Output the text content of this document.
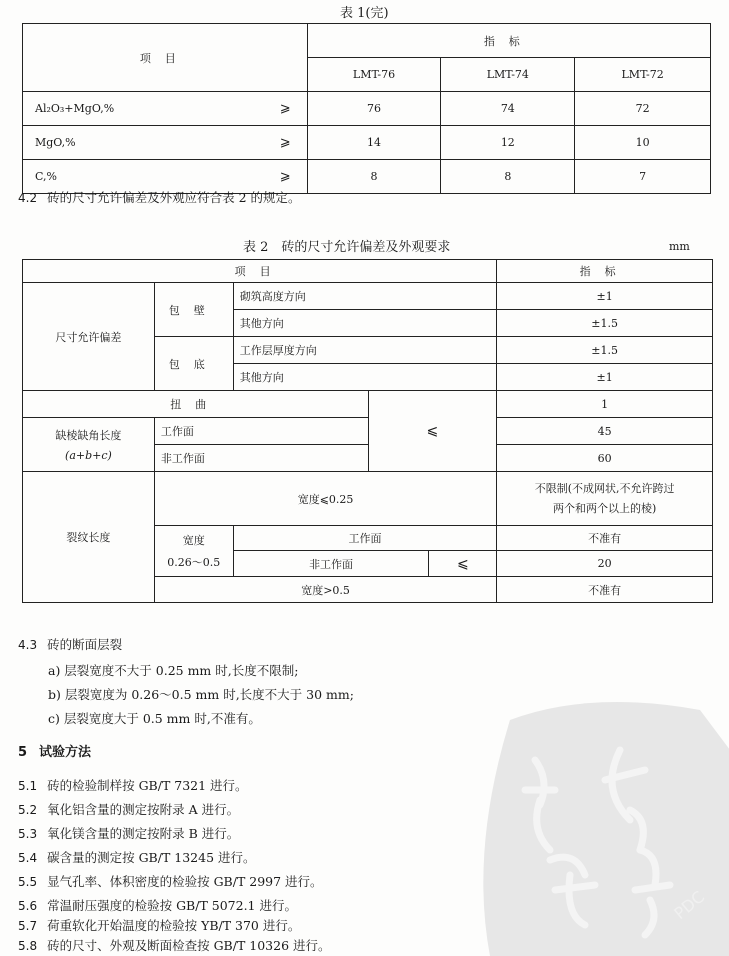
表 1(完)
项目		指标		
		LMT-76	LMT-74	LMT-72
Al₂O₃+MgO,%	⩾	76	74	72
MgO,%	⩾	14	12	10
C,%	⩾	8	8	7
4.2 砖的尺寸允许偏差及外观应符合表 2 的规定。
表 2　砖的尺寸允许偏差及外观要求	mm
项目					指标
尺寸允许偏差	包壁	砌筑高度方向			±1
		其他方向			±1.5
	包底	工作层厚度方向			±1.5
		其他方向			±1
扭曲			⩽		1

缺棱缺角长度
(a+b+c)	工作面				45
	非工作面				60
裂纹长度	宽度⩽0.25				不限制(不成网状,不允许跨过
两个和两个以上的棱)

	宽度
0.26～0.5	工作面			不准有
		非工作面		⩽	20
	宽度>0.5				不准有
PDC
4.3 砖的断面层裂
a) 层裂宽度不大于 0.25 mm 时,长度不限制;
b) 层裂宽度为 0.26～0.5 mm 时,长度不大于 30 mm;
c) 层裂宽度大于 0.5 mm 时,不准有。
5 试验方法
5.1 砖的检验制样按 GB/T 7321 进行。
5.2 氧化铝含量的测定按附录 A 进行。
5.3 氧化镁含量的测定按附录 B 进行。
5.4 碳含量的测定按 GB/T 13245 进行。
5.5 显气孔率、体积密度的检验按 GB/T 2997 进行。
5.6 常温耐压强度的检验按 GB/T 5072.1 进行。
5.7 荷重软化开始温度的检验按 YB/T 370 进行。
5.8 砖的尺寸、外观及断面检查按 GB/T 10326 进行。
